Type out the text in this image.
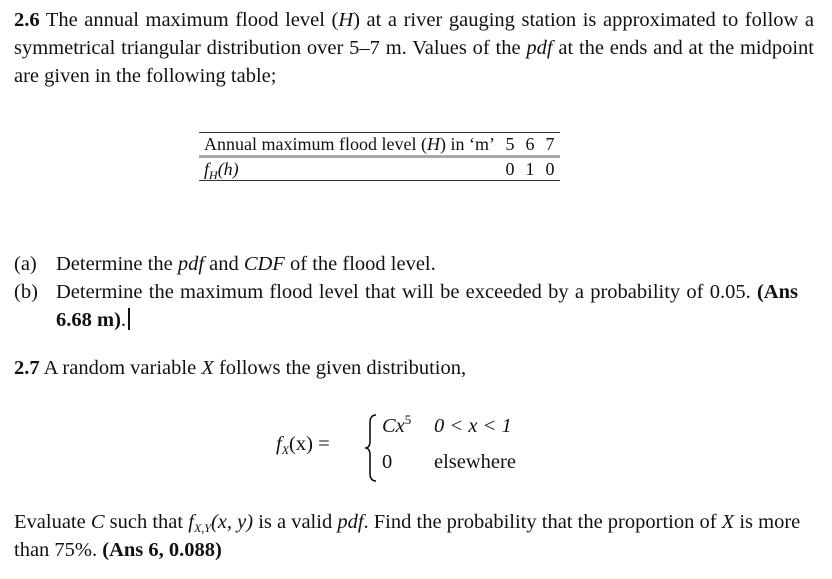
2.6 The annual maximum flood level (H) at a river gauging station is approximated to follow a symmetrical triangular distribution over 5–7 m. Values of the pdf at the ends and at the midpoint are given in the following table;

Annual maximum flood level (H) in ‘m’	5	6	7
$f_H(h)$	0	1	0
(a) Determine the pdf and CDF of the flood level.
(b) Determine the maximum flood level that will be exceeded by a probability of 0.05. (Ans 6.68 m).

2.7 A random variable X follows the given distribution,

$f_X(x)$ =
$Cx^5$ 0 < x < 1
0 elsewhere

Evaluate C such that $f_{X,Y}(x$, y) is a valid pdf. Find the probability that the proportion of X is more than 75%. (Ans 6, 0.088)
